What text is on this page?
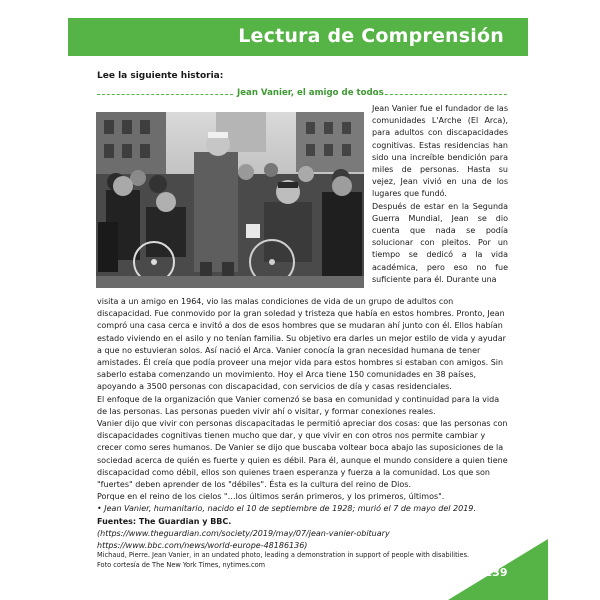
Lectura de Comprensión
Lee la siguiente historia:
Jean Vanier, el amigo de todos

Jean Vanier fue el fundador de las comunidades L'Arche (El Arca), para adultos con discapacidades cognitivas. Estas residencias han sido una increíble bendición para miles de personas. Hasta su vejez, Jean vivió en una de los lugares que fundó.

Después de estar en la Segunda Guerra Mundial, Jean se dio cuenta que nada se podía solucionar con pleitos. Por un tiempo se dedicó a la vida académica, pero eso no fue suficiente para él. Durante una

visita a un amigo en 1964, vio las malas condiciones de vida de un grupo de adultos con discapacidad. Fue conmovido por la gran soledad y tristeza que había en estos hombres. Pronto, Jean compró una casa cerca e invitó a dos de esos hombres que se mudaran ahí junto con él. Ellos habían estado viviendo en el asilo y no tenían familia. Su objetivo era darles un mejor estilo de vida y ayudar a que no estuvieran solos. Así nació el Arca. Vanier conocía la gran necesidad humana de tener amistades. Él creía que podía proveer una mejor vida para estos hombres si estaban con amigos. Sin saberlo estaba comenzando un movimiento. Hoy el Arca tiene 150 comunidades en 38 países, apoyando a 3500 personas con discapacidad, con servicios de día y casas residenciales.

El enfoque de la organización que Vanier comenzó se basa en comunidad y continuidad para la vida de las personas. Las personas pueden vivir ahí o visitar, y formar conexiones reales.

Vanier dijo que vivir con personas discapacitadas le permitió apreciar dos cosas: que las personas con discapacidades cognitivas tienen mucho que dar, y que vivir en con otros nos permite cambiar y crecer como seres humanos. De Vanier se dijo que buscaba voltear boca abajo las suposiciones de la sociedad acerca de quién es fuerte y quien es débil. Para él, aunque el mundo considere a quien tiene discapacidad como débil, ellos son quienes traen esperanza y fuerza a la comunidad. Los que son "fuertes" deben aprender de los "débiles". Ésta es la cultura del reino de Dios.

Porque en el reino de los cielos "…los últimos serán primeros, y los primeros, últimos".

• Jean Vanier, humanitario, nacido el 10 de septiembre de 1928; murió el 7 de mayo del 2019.

Fuentes: The Guardian y BBC.

(https://www.theguardian.com/society/2019/may/07/jean-vanier-obituary

https://www.bbc.com/news/world-europe-48186136)

Michaud, Pierre. Jean Vanier, in an undated photo, leading a demonstration in support of people with disabilities.

Foto cortesía de The New York Times, nytimes.com

139
